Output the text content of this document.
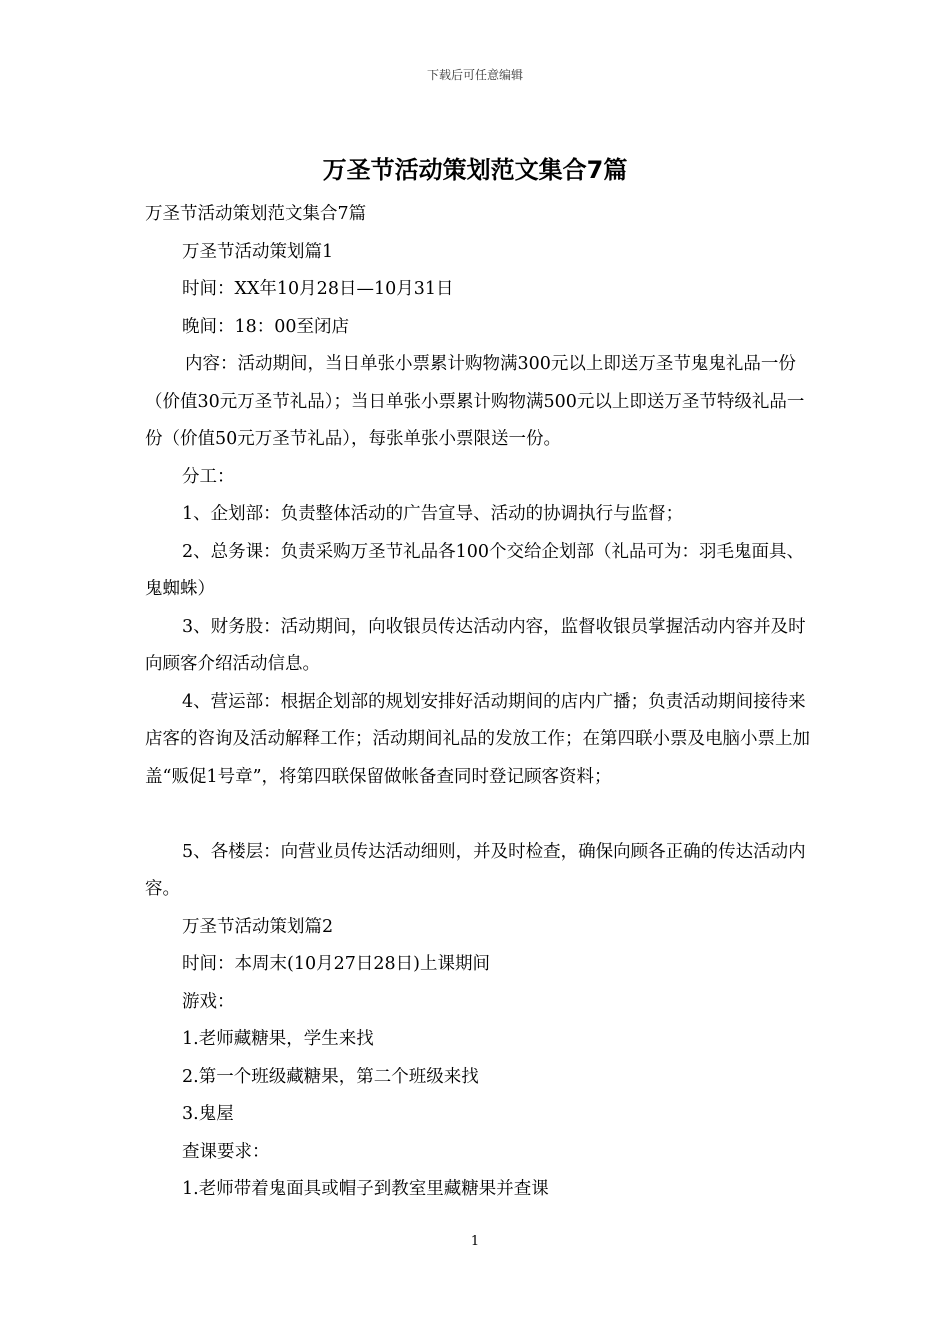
下载后可任意编辑
万圣节活动策划范文集合7篇

万圣节活动策划范文集合7篇

万圣节活动策划篇1

时间：XX年10月28日—10月31日

晚间：18：00至闭店

内容：活动期间，当日单张小票累计购物满300元以上即送万圣节鬼鬼礼品一份（价值30元万圣节礼品）；当日单张小票累计购物满500元以上即送万圣节特级礼品一份（价值50元万圣节礼品），每张单张小票限送一份。

分工：

1、企划部：负责整体活动的广告宣导、活动的协调执行与监督；

2、总务课：负责采购万圣节礼品各100个交给企划部（礼品可为：羽毛鬼面具、鬼蜘蛛）

3、财务股：活动期间，向收银员传达活动内容，监督收银员掌握活动内容并及时向顾客介绍活动信息。

4、营运部：根据企划部的规划安排好活动期间的店内广播；负责活动期间接待来店客的咨询及活动解释工作；活动期间礼品的发放工作；在第四联小票及电脑小票上加盖“贩促1号章”，将第四联保留做帐备查同时登记顾客资料；

5、各楼层：向营业员传达活动细则，并及时检查，确保向顾各正确的传达活动内容。

万圣节活动策划篇2

时间：本周末(10月27日28日)上课期间

游戏：

1.老师藏糖果，学生来找

2.第一个班级藏糖果，第二个班级来找

3.鬼屋

查课要求：

1.老师带着鬼面具或帽子到教室里藏糖果并查课

1
